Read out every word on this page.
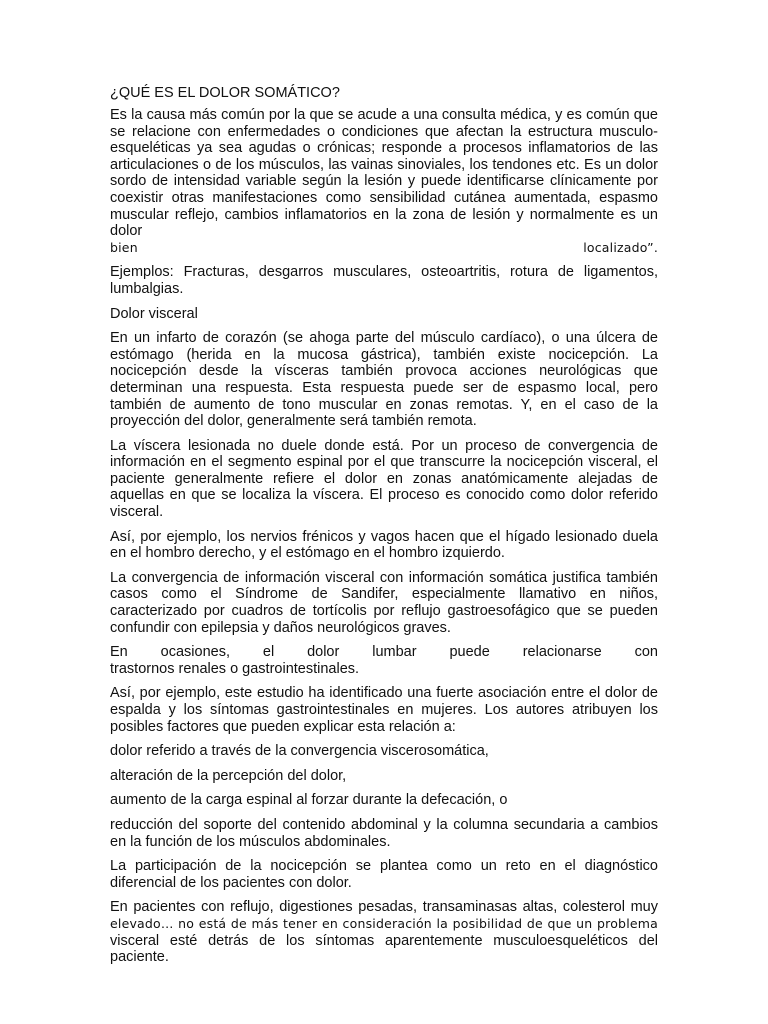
¿QUÉ ES EL DOLOR SOMÁTICO?
Es la causa más común por la que se acude a una consulta médica, y es común que se relacione con enfermedades o condiciones que afectan la estructura musculo-esqueléticas ya sea agudas o crónicas; responde a procesos inflamatorios de las articulaciones o de los músculos, las vainas sinoviales, los tendones etc. Es un dolor sordo de intensidad variable según la lesión y puede identificarse clínicamente por coexistir otras manifestaciones como sensibilidad cutánea aumentada, espasmo muscular reflejo, cambios inflamatorios en la zona de lesión y normalmente es un dolor
bien	localizado”.
Ejemplos: Fracturas, desgarros musculares, osteoartritis, rotura de ligamentos, lumbalgias.
Dolor visceral
En un infarto de corazón (se ahoga parte del músculo cardíaco), o una úlcera de estómago (herida en la mucosa gástrica), también existe nocicepción. La nocicepción desde la vísceras también provoca acciones neurológicas que determinan una respuesta. Esta respuesta puede ser de espasmo local, pero también de aumento de tono muscular en zonas remotas. Y, en el caso de la proyección del dolor, generalmente será también remota.
La víscera lesionada no duele donde está. Por un proceso de convergencia de información en el segmento espinal por el que transcurre la nocicepción visceral, el paciente generalmente refiere el dolor en zonas anatómicamente alejadas de aquellas en que se localiza la víscera. El proceso es conocido como dolor referido visceral.
Así, por ejemplo, los nervios frénicos y vagos hacen que el hígado lesionado duela en el hombro derecho, y el estómago en el hombro izquierdo.
La convergencia de información visceral con información somática justifica también casos como el Síndrome de Sandifer, especialmente llamativo en niños, caracterizado por cuadros de tortícolis por reflujo gastroesofágico que se pueden confundir con epilepsia y daños neurológicos graves.
En ocasiones, el dolor lumbar puede relacionarse con
trastornos renales o gastrointestinales.
Así, por ejemplo, este estudio ha identificado una fuerte asociación entre el dolor de espalda y los síntomas gastrointestinales en mujeres. Los autores atribuyen los posibles factores que pueden explicar esta relación a:
dolor referido a través de la convergencia viscerosomática,
alteración de la percepción del dolor,
aumento de la carga espinal al forzar durante la defecación, o
reducción del soporte del contenido abdominal y la columna secundaria a cambios en la función de los músculos abdominales.
La participación de la nocicepción se plantea como un reto en el diagnóstico diferencial de los pacientes con dolor.
En pacientes con reflujo, digestiones pesadas, transaminasas altas, colesterol muy
elevado… no está de más tener en consideración la posibilidad de que un problema
visceral esté detrás de los síntomas aparentemente musculoesqueléticos del paciente.
